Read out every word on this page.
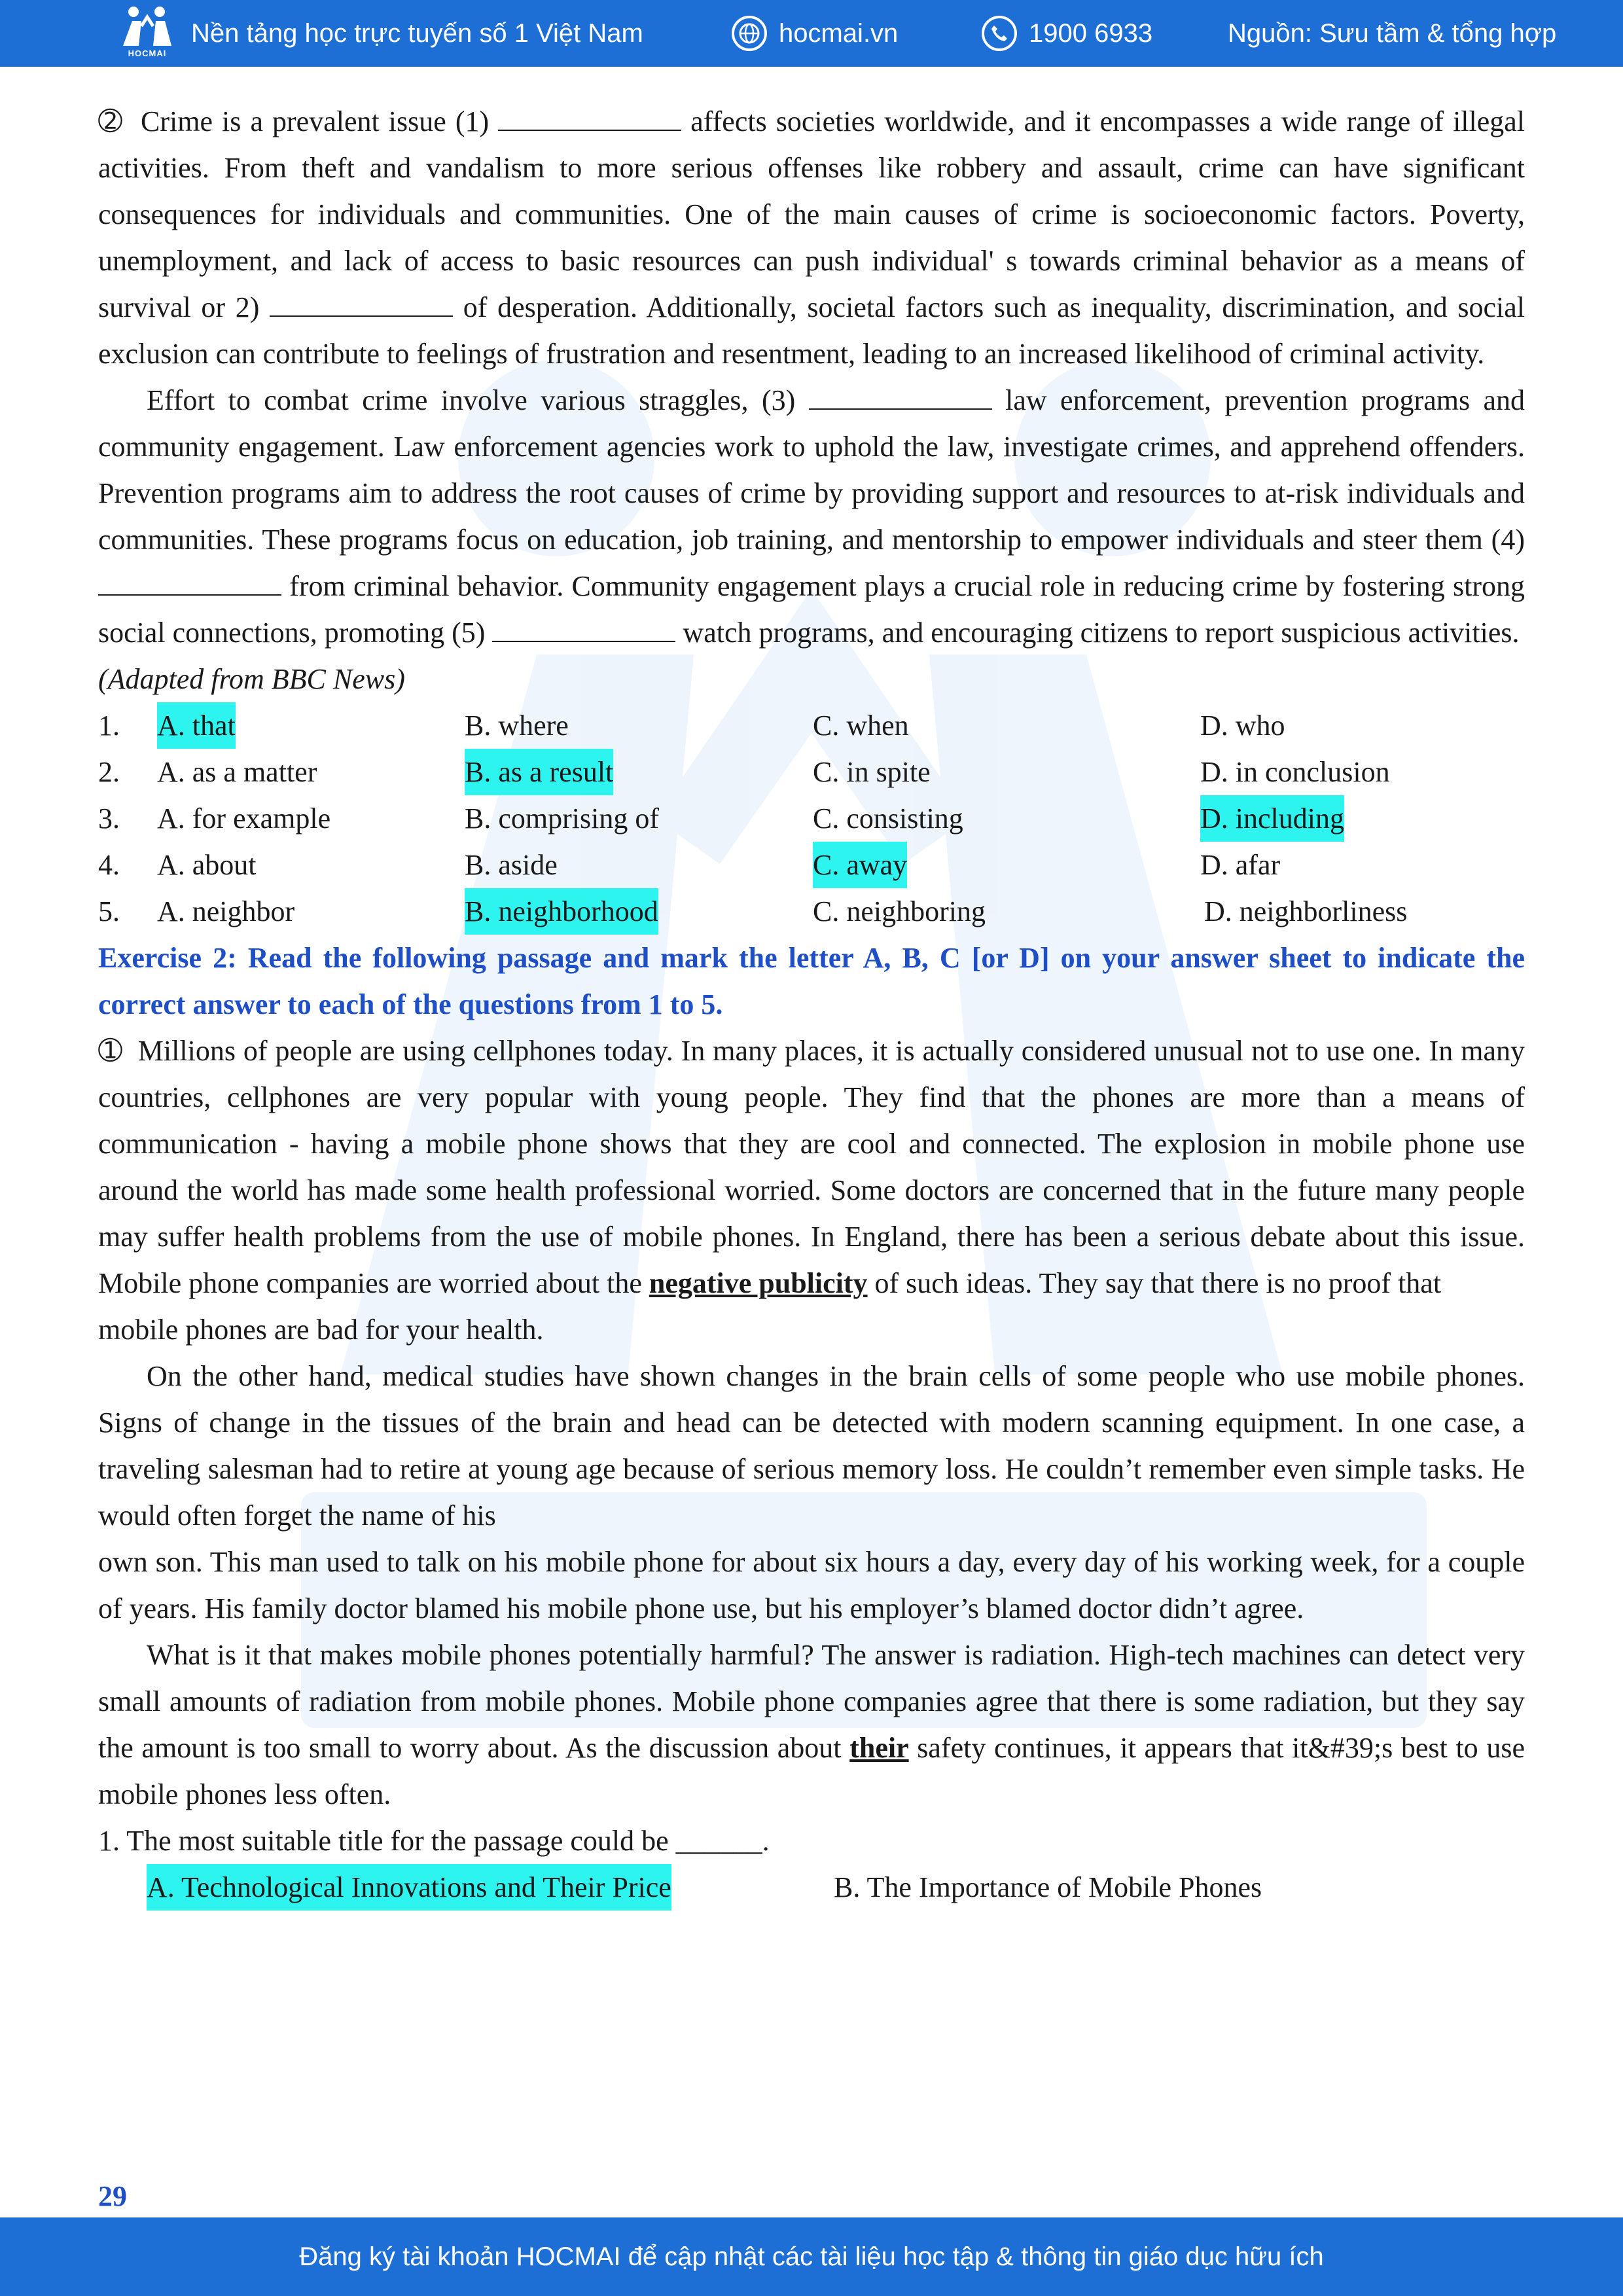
HOCMAI
Nền tảng học trực tuyến số 1 Việt Nam	hocmai.vn	1900 6933	Nguồn: Sưu tầm & tổng hợp

➁ Crime is a prevalent issue (1)	affects societies worldwide, and it encompasses a wide range of illegal activities. From theft and vandalism to more serious offenses like robbery and assault, crime can have significant consequences for individuals and communities. One of the main causes of crime is socioeconomic factors. Poverty, unemployment, and lack of access to basic resources can push individual' s towards criminal behavior as a means of survival or 2)	of desperation. Additionally, societal factors such as inequality, discrimination, and social exclusion can contribute to feelings of frustration and resentment, leading to an increased likelihood of criminal activity.

Effort to combat crime involve various straggles, (3)	law enforcement, prevention programs and community engagement. Law enforcement agencies work to uphold the law, investigate crimes, and apprehend offenders. Prevention programs aim to address the root causes of crime by providing support and resources to at-risk individuals and communities. These programs focus on education, job training, and mentorship to empower individuals and steer them (4)  from criminal behavior. Community engagement plays a crucial role in reducing crime by fostering strong social connections, promoting (5)	watch programs, and encouraging citizens to report suspicious activities.

(Adapted from BBC News)

1. A. that	B. where	C. when	D. who
2. A. as a matter	B. as a result	C. in spite	D. in conclusion
3. A. for example	B. comprising of	C. consisting	D. including
4. A. about	B. aside	C. away	D. afar
5. A. neighbor	B. neighborhood	C. neighboring	D. neighborliness

Exercise 2: Read the following passage and mark the letter A, B, C [or D] on your answer sheet to indicate the correct answer to each of the questions from 1 to 5.

➀ Millions of people are using cellphones today. In many places, it is actually considered unusual not to use one. In many countries, cellphones are very popular with young people. They find that the phones are more than a means of communication - having a mobile phone shows that they are cool and connected. The explosion in mobile phone use around the world has made some health professional worried. Some doctors are concerned that in the future many people may suffer health problems from the use of mobile phones. In England, there has been a serious debate about this issue. Mobile phone companies are worried about the negative publicity of such ideas. They say that there is no proof that

mobile phones are bad for your health.

On the other hand, medical studies have shown changes in the brain cells of some people who use mobile phones. Signs of change in the tissues of the brain and head can be detected with modern scanning equipment. In one case, a traveling salesman had to retire at young age because of serious memory loss. He couldn’t remember even simple tasks. He would often forget the name of his

own son. This man used to talk on his mobile phone for about six hours a day, every day of his working week, for a couple of years. His family doctor blamed his mobile phone use, but his employer’s blamed doctor didn’t agree.

What is it that makes mobile phones potentially harmful? The answer is radiation. High-tech machines can detect very small amounts of radiation from mobile phones. Mobile phone companies agree that there is some radiation, but they say the amount is too small to worry about. As the discussion about their safety continues, it appears that it&#39;s best to use mobile phones less often.

1. The most suitable title for the passage could be ______.

A. Technological Innovations and Their Price	B. The Importance of Mobile Phones
29
Đăng ký tài khoản HOCMAI để cập nhật các tài liệu học tập & thông tin giáo dục hữu ích
